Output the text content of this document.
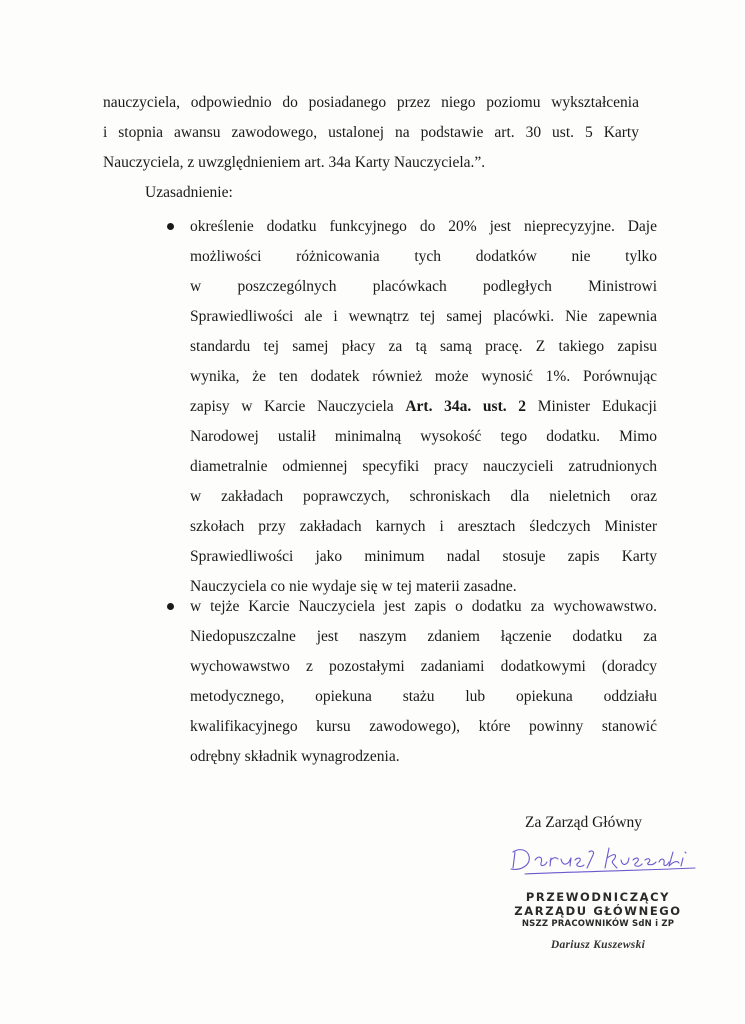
nauczyciela, odpowiednio do posiadanego przez niego poziomu wykształcenia
i stopnia awansu zawodowego, ustalonej na podstawie art. 30 ust. 5 Karty
Nauczyciela, z uwzględnieniem art. 34a Karty Nauczyciela.”.

Uzasadnienie:

określenie dodatku funkcyjnego do 20% jest nieprecyzyjne. Daje
możliwości różnicowania tych dodatków nie tylko
w poszczególnych placówkach podległych Ministrowi
Sprawiedliwości ale i wewnątrz tej samej placówki. Nie zapewnia
standardu tej samej płacy za tą samą pracę. Z takiego zapisu
wynika, że ten dodatek również może wynosić 1%. Porównując
zapisy w Karcie Nauczyciela Art. 34a. ust. 2 Minister Edukacji
Narodowej ustalił minimalną wysokość tego dodatku. Mimo
diametralnie odmiennej specyfiki pracy nauczycieli zatrudnionych
w zakładach poprawczych, schroniskach dla nieletnich oraz
szkołach przy zakładach karnych i aresztach śledczych Minister
Sprawiedliwości jako minimum nadal stosuje zapis Karty
Nauczyciela co nie wydaje się w tej materii zasadne.

w tejże Karcie Nauczyciela jest zapis o dodatku za wychowawstwo.
Niedopuszczalne jest naszym zdaniem łączenie dodatku za
wychowawstwo z pozostałymi zadaniami dodatkowymi (doradcy
metodycznego, opiekuna stażu lub opiekuna oddziału
kwalifikacyjnego kursu zawodowego), które powinny stanowić
odrębny składnik wynagrodzenia.

Za Zarząd Główny

PRZEWODNICZĄCY
ZARZĄDU GŁÓWNEGO
NSZZ PRACOWNIKÓW SdN i ZP
Dariusz Kuszewski
